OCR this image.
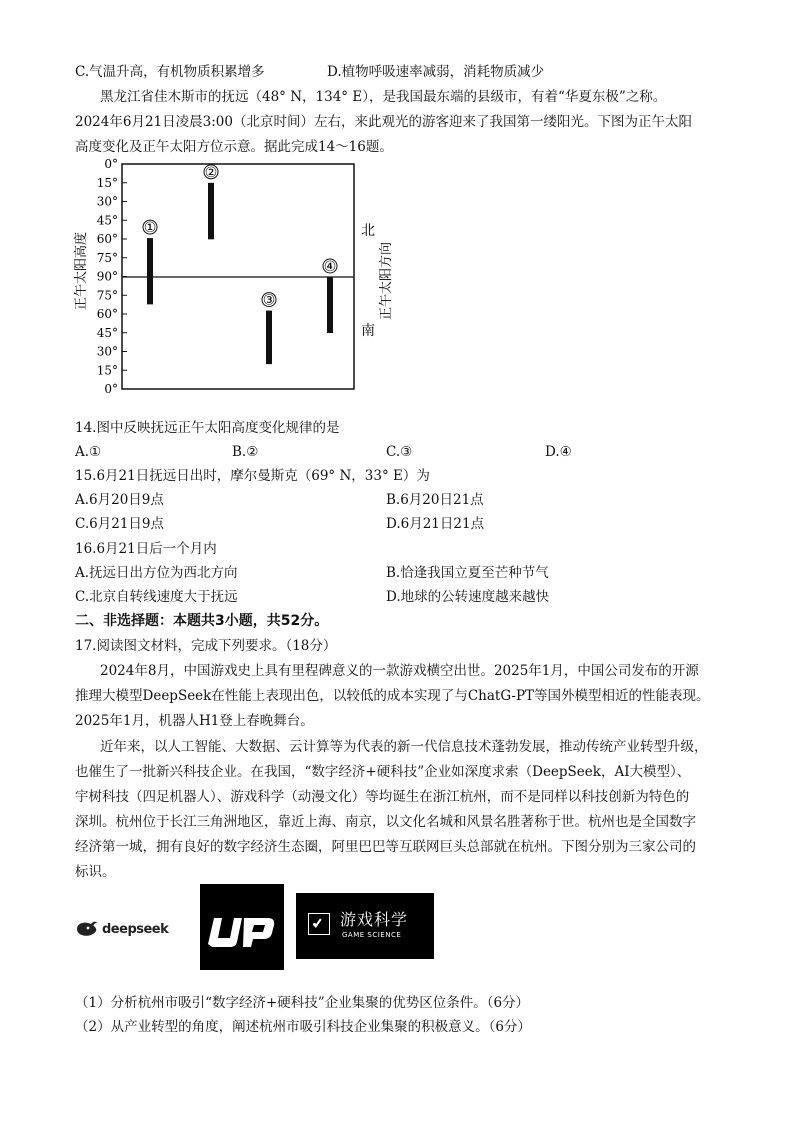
C.气温升高，有机物质积累增多	D.植物呼吸速率减弱，消耗物质减少
黑龙江省佳木斯市的抚远（48° N，134° E），是我国最东端的县级市，有着“华夏东极”之称。
2024年6月21日凌晨3:00（北京时间）左右，来此观光的游客迎来了我国第一缕阳光。下图为正午太阳
高度变化及正午太阳方位示意。据此完成14～16题。
0°
15°
30°
45°
60°
75°
90°
75°
60°
45°
30°
15°
0°
①
②
③
④
正午太阳高度
北
南
正午太阳方向
14.图中反映抚远正午太阳高度变化规律的是
A.①	B.②	C.③	D.④
15.6月21日抚远日出时，摩尔曼斯克（69° N，33° E）为
A.6月20日9点	B.6月20日21点
C.6月21日9点	D.6月21日21点
16.6月21日后一个月内
A.抚远日出方位为西北方向	B.恰逢我国立夏至芒种节气
C.北京自转线速度大于抚远	D.地球的公转速度越来越快
二、非选择题：本题共3小题，共52分。
17.阅读图文材料，完成下列要求。（18分）
2024年8月，中国游戏史上具有里程碑意义的一款游戏横空出世。2025年1月，中国公司发布的开源
推理大模型DeepSeek在性能上表现出色，以较低的成本实现了与ChatG-PT等国外模型相近的性能表现。
2025年1月，机器人H1登上春晚舞台。
近年来，以人工智能、大数据、云计算等为代表的新一代信息技术蓬勃发展，推动传统产业转型升级，
也催生了一批新兴科技企业。在我国，“数字经济+硬科技”企业如深度求索（DeepSeek，AI大模型）、
宇树科技（四足机器人）、游戏科学（动漫文化）等均诞生在浙江杭州，而不是同样以科技创新为特色的
深圳。杭州位于长江三角洲地区，靠近上海、南京，以文化名城和风景名胜著称于世。杭州也是全国数字
经济第一城，拥有良好的数字经济生态圈，阿里巴巴等互联网巨头总部就在杭州。下图分别为三家公司的
标识。
deepseek	游戏科学
GAME SCIENCE
（1）分析杭州市吸引“数字经济+硬科技”企业集聚的优势区位条件。（6分）
（2）从产业转型的角度，阐述杭州市吸引科技企业集聚的积极意义。（6分）
